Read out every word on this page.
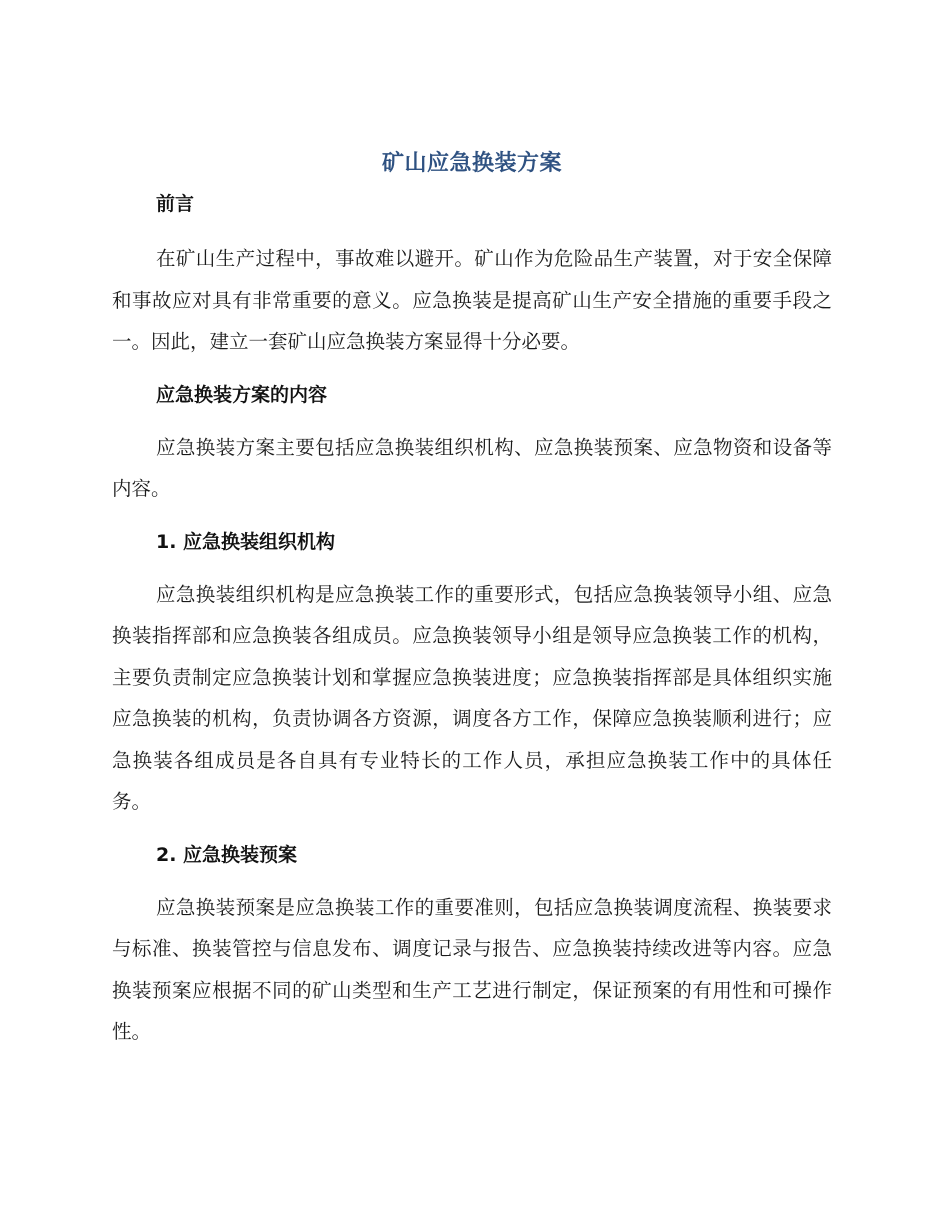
矿山应急换装方案
前言

在矿山生产过程中，事故难以避开。矿山作为危险品生产装置，对于安全保障和事故应对具有非常重要的意义。应急换装是提高矿山生产安全措施的重要手段之一。因此，建立一套矿山应急换装方案显得十分必要。

应急换装方案的内容

应急换装方案主要包括应急换装组织机构、应急换装预案、应急物资和设备等内容。

1. 应急换装组织机构

应急换装组织机构是应急换装工作的重要形式，包括应急换装领导小组、应急换装指挥部和应急换装各组成员。应急换装领导小组是领导应急换装工作的机构，主要负责制定应急换装计划和掌握应急换装进度；应急换装指挥部是具体组织实施应急换装的机构，负责协调各方资源，调度各方工作，保障应急换装顺利进行；应急换装各组成员是各自具有专业特长的工作人员，承担应急换装工作中的具体任务。

2. 应急换装预案

应急换装预案是应急换装工作的重要准则，包括应急换装调度流程、换装要求与标准、换装管控与信息发布、调度记录与报告、应急换装持续改进等内容。应急换装预案应根据不同的矿山类型和生产工艺进行制定，保证预案的有用性和可操作性。
